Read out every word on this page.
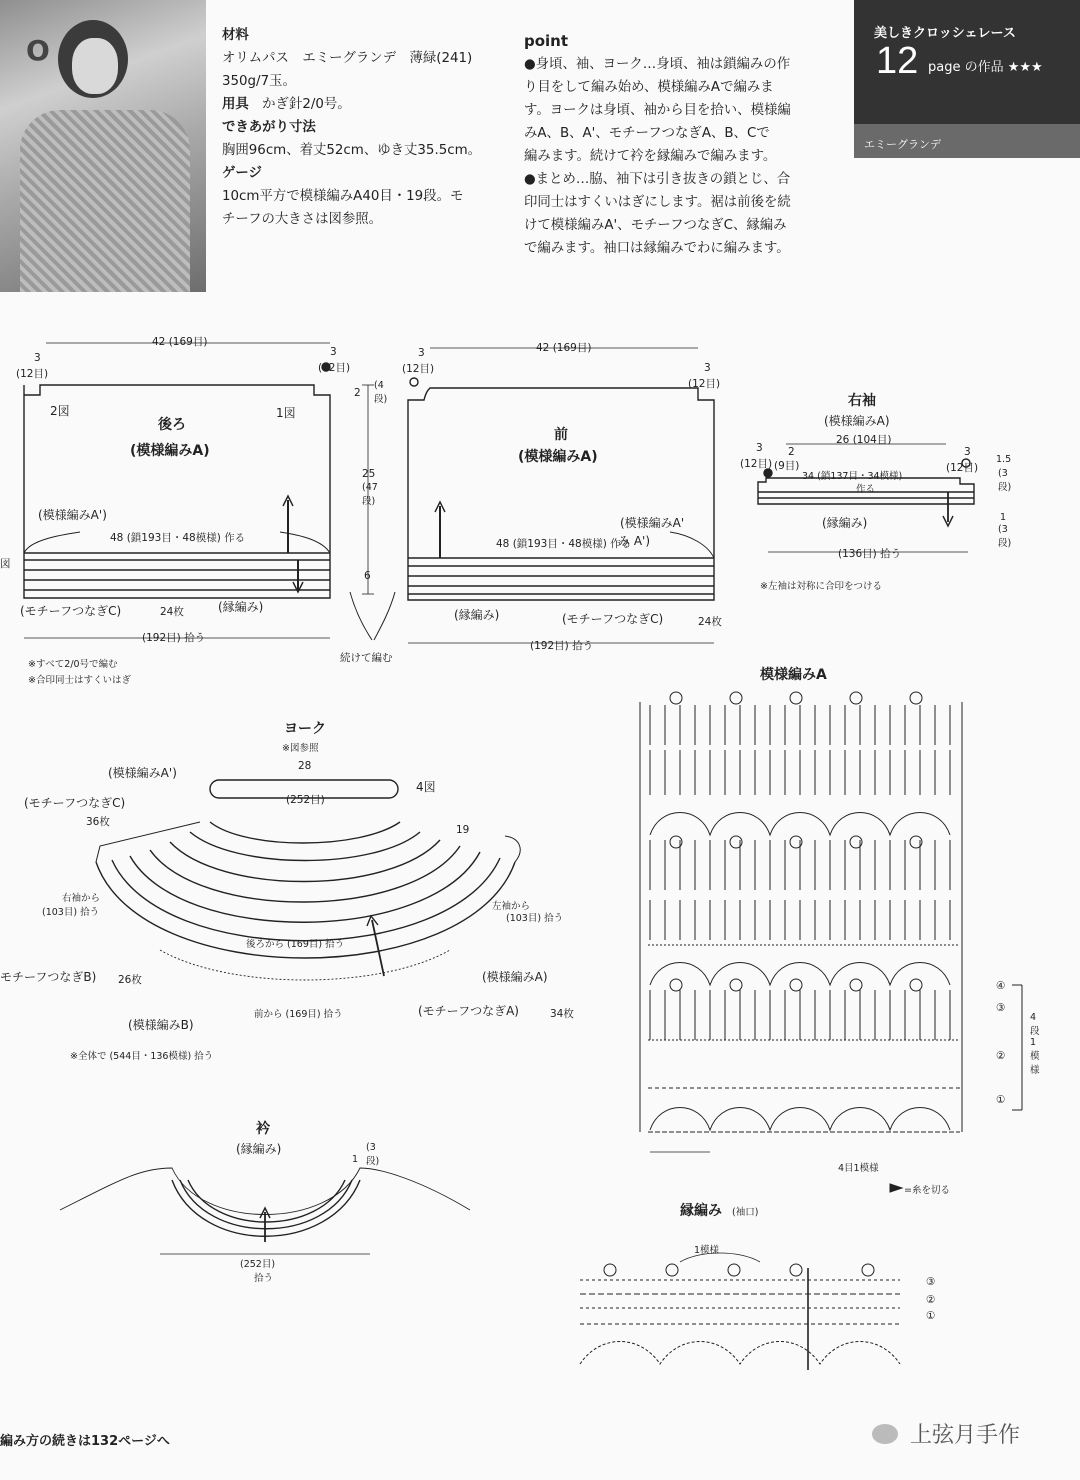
O	材料
オリムパス　エミーグランデ　薄緑(241)
350g/7玉。
用具　 かぎ針2/0号。
できあがり寸法
胸囲96cm、着丈52cm、ゆき丈35.5cm。
ゲージ
10cm平方で模様編みA40目・19段。モ
チーフの大きさは図参照。
point
●身頃、袖、ヨーク…身頃、袖は鎖編みの作
り目をして編み始め、模様編みAで編みま
す。ヨークは身頃、袖から目を拾い、模様編
みA、B、A'、モチーフつなぎA、B、Cで
編みます。続けて衿を縁編みで編みます。
●まとめ…脇、袖下は引き抜きの鎖とじ、合
印同士はすくいはぎにします。裾は前後を続
けて模様編みA'、モチーフつなぎC、縁編み
で編みます。袖口は縁編みでわに編みます。
美しきクロッシェレース
12 page の作品 ★★★
エミーグランデ
42 (169目)
3
(12目)
3
(12目)
2図	1図
後ろ
(模様編みA)
(模様編みA')
48 (鎖193目・48模様) 作る
(モチーフつなぎC)	24枚	(縁編み)
(192目) 拾う
図
2
(4段)
25
(47段)
6
続けて編む
42 (169目)
3
(12目)	3
(12目)
前
(模様編みA)
(模様編みA'
み A')
48 (鎖193目・48模様) 作る
(縁編み)	(モチーフつなぎC)	24枚
(192目) 拾う
※すべて2/0号で編む
※合印同士はすくいはぎ
右袖
(模様編みA)
26 (104目)
3
(12目)
2
(9目)
3
(12目)
34 (鎖137目・34模様)
作る
(縁編み)
(136目) 拾う
※左袖は対称に合印をつける
1.5
(3段)
1
(3段)
ヨーク
※図参照
28
(252目)
4図
(模様編みA')
(モチーフつなぎC)
36枚
19
右袖から
(103目) 拾う
左袖から
(103目) 拾う
後ろから (169目) 拾う
モチーフつなぎB) 26枚	(模様編みA)
(模様編みB)
前から (169目) 拾う	(モチーフつなぎA)	34枚
※全体で (544目・136模様) 拾う
衿
(縁編み)
1
(3段)
(252目)
拾う
模様編みA
④
③
②
①
4段1模様
4目1模様
=糸を切る
縁編み (袖口)
1模様
③
②
①
編み方の続きは132ページへ	上弦月手作
